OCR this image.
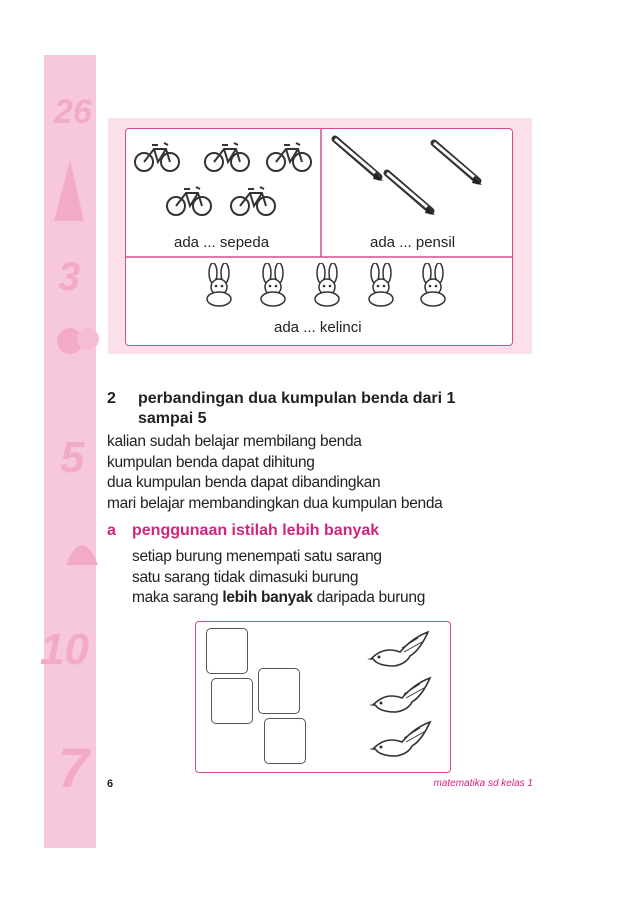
26
3
5
10
7
ada ... sepeda	ada ... pensil
ada ... kelinci
2 perbandingan dua kumpulan benda dari 1 sampai 5
kalian sudah belajar membilang benda
kumpulan benda dapat dihitung
dua kumpulan benda dapat dibandingkan
mari belajar membandingkan dua kumpulan benda
a penggunaan istilah lebih banyak
setiap burung menempati satu sarang
satu sarang tidak dimasuki burung
maka sarang lebih banyak daripada burung
6	matematika sd kelas 1
